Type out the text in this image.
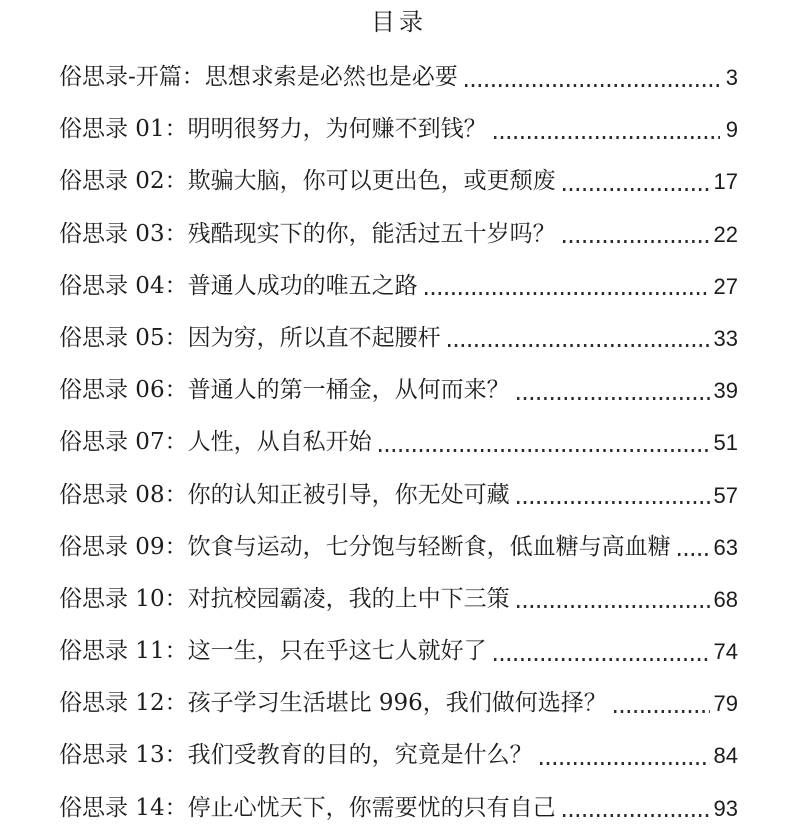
目录
俗思录-开篇：思想求索是必然也是必要	3
俗思录 01：明明很努力，为何赚不到钱？	9
俗思录 02：欺骗大脑，你可以更出色，或更颓废	17
俗思录 03：残酷现实下的你，能活过五十岁吗？	22
俗思录 04：普通人成功的唯五之路	27
俗思录 05：因为穷，所以直不起腰杆	33
俗思录 06：普通人的第一桶金，从何而来？	39
俗思录 07：人性，从自私开始	51
俗思录 08：你的认知正被引导，你无处可藏	57
俗思录 09：饮食与运动，七分饱与轻断食，低血糖与高血糖 63
俗思录 10：对抗校园霸凌，我的上中下三策	68
俗思录 11：这一生，只在乎这七人就好了	74
俗思录 12：孩子学习生活堪比 996，我们做何选择？	79
俗思录 13：我们受教育的目的，究竟是什么？	84
俗思录 14：停止心忧天下，你需要忧的只有自己	93
